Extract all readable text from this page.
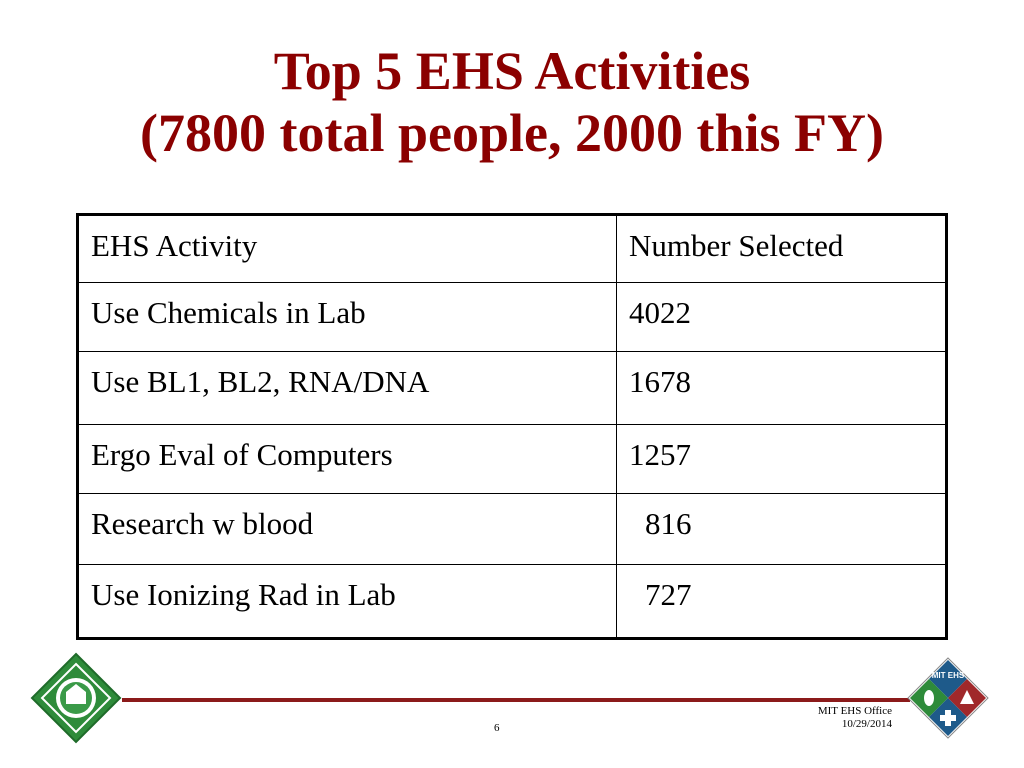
Top 5 EHS Activities
(7800 total people, 2000 this FY)
EHS Activity	Number Selected
Use Chemicals in Lab	4022
Use BL1, BL2, RNA/DNA	1678
Ergo Eval of Computers	1257
Research w blood	816
Use Ionizing Rad in Lab	727
6
MIT EHS Office
10/29/2014
MIT EHS
